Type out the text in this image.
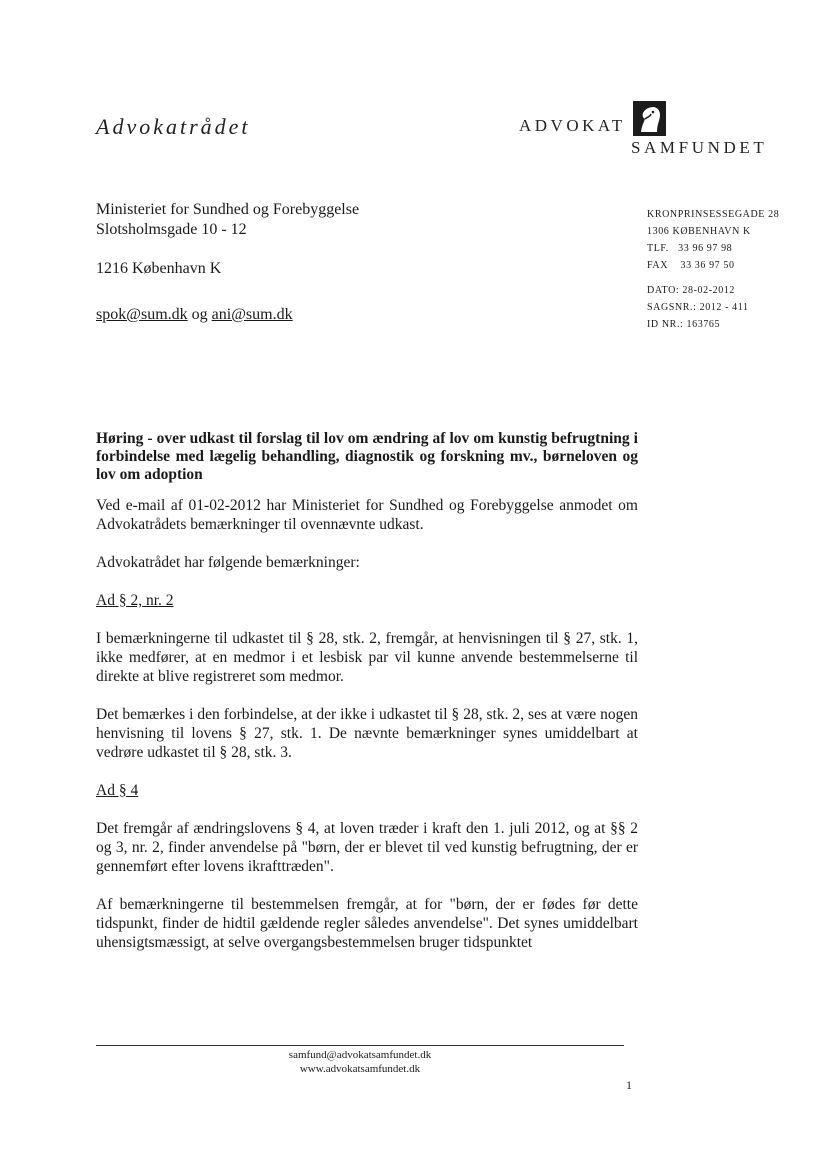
Advokatrådet	ADVOKAT
SAMFUNDET
Ministeriet for Sundhed og Forebyggelse
Slotsholmsgade 10 - 12
1216 København K
spok@sum.dk og ani@sum.dk
KRONPRINSESSEGADE 28
1306 KØBENHAVN K
TLF.   33 96 97 98
FAX    33 36 97 50
DATO: 28-02-2012
SAGSNR.: 2012 - 411
ID NR.: 163765
Høring - over udkast til forslag til lov om ændring af lov om kunstig befrugtning i forbindelse med lægelig behandling, diagnostik og forskning mv., børneloven og lov om adoption

Ved e-mail af 01-02-2012 har Ministeriet for Sundhed og Forebyggelse anmodet om Advokatrådets bemærkninger til ovennævnte udkast.

Advokatrådet har følgende bemærkninger:

Ad § 2, nr. 2

I bemærkningerne til udkastet til § 28, stk. 2, fremgår, at henvisningen til § 27, stk. 1, ikke medfører, at en medmor i et lesbisk par vil kunne anvende bestemmelserne til direkte at blive registreret som medmor.

Det bemærkes i den forbindelse, at der ikke i udkastet til § 28, stk. 2, ses at være nogen henvisning til lovens § 27, stk. 1. De nævnte bemærkninger synes umiddelbart at vedrøre udkastet til § 28, stk. 3.

Ad § 4

Det fremgår af ændringslovens § 4, at loven træder i kraft den 1. juli 2012, og at §§ 2 og 3, nr. 2, finder anvendelse på "børn, der er blevet til ved kunstig befrugtning, der er gennemført efter lovens ikrafttræden".

Af bemærkningerne til bestemmelsen fremgår, at for "børn, der er fødes før dette tidspunkt, finder de hidtil gældende regler således anvendelse". Det synes umiddelbart uhensigtsmæssigt, at selve overgangsbestemmelsen bruger tidspunktet

samfund@advokatsamfundet.dk
www.advokatsamfundet.dk
1
